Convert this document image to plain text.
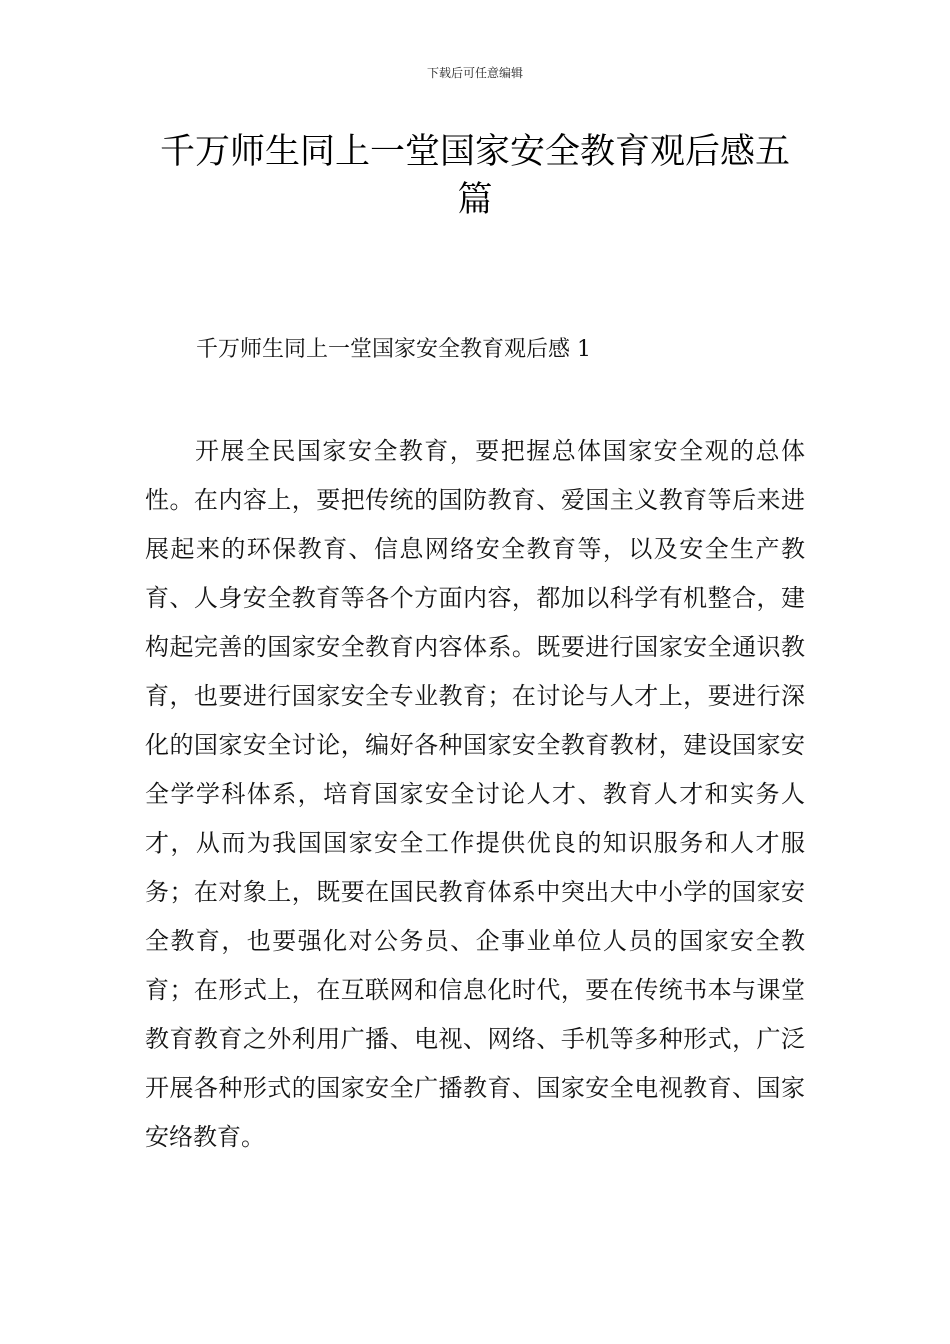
下载后可任意编辑
千万师生同上一堂国家安全教育观后感五篇
千万师生同上一堂国家安全教育观后感 1

开展全民国家安全教育，要把握总体国家安全观的总体性。在内容上，要把传统的国防教育、爱国主义教育等后来进展起来的环保教育、信息网络安全教育等，以及安全生产教育、人身安全教育等各个方面内容，都加以科学有机整合，建构起完善的国家安全教育内容体系。既要进行国家安全通识教育，也要进行国家安全专业教育；在讨论与人才上，要进行深化的国家安全讨论，编好各种国家安全教育教材，建设国家安全学学科体系，培育国家安全讨论人才、教育人才和实务人才，从而为我国国家安全工作提供优良的知识服务和人才服务；在对象上，既要在国民教育体系中突出大中小学的国家安全教育，也要强化对公务员、企事业单位人员的国家安全教育；在形式上，在互联网和信息化时代，要在传统书本与课堂教育教育之外利用广播、电视、网络、手机等多种形式，广泛开展各种形式的国家安全广播教育、国家安全电视教育、国家安络教育。
